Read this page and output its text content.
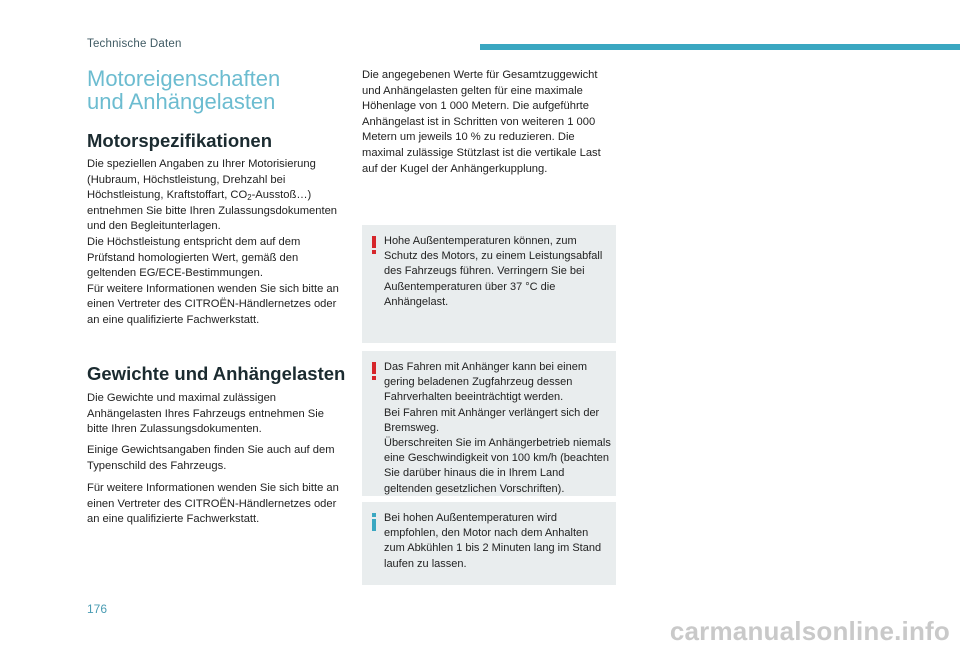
Technische Daten
Motoreigenschaften
und Anhängelasten
Motorspezifikationen

Die speziellen Angaben zu Ihrer Motorisierung (Hubraum, Höchstleistung, Drehzahl bei Höchstleistung, Kraftstoffart, $CO_2-Ausstoß\dots$) entnehmen Sie bitte Ihren Zulassungsdokumenten und den Begleitunterlagen.
Die Höchstleistung entspricht dem auf dem Prüfstand homologierten Wert, gemäß den geltenden EG/ECE-Bestimmungen.
Für weitere Informationen wenden Sie sich bitte an einen Vertreter des CITROËN-Händlernetzes oder an eine qualifizierte Fachwerkstatt.

Gewichte und Anhängelasten

Die Gewichte und maximal zulässigen Anhängelasten Ihres Fahrzeugs entnehmen Sie bitte Ihren Zulassungsdokumenten.

Einige Gewichtsangaben finden Sie auch auf dem Typenschild des Fahrzeugs.

Für weitere Informationen wenden Sie sich bitte an einen Vertreter des CITROËN-Händlernetzes oder an eine qualifizierte Fachwerkstatt.

Die angegebenen Werte für Gesamtzuggewicht und Anhängelasten gelten für eine maximale Höhenlage von 1 000 Metern. Die aufgeführte Anhängelast ist in Schritten von weiteren 1 000 Metern um jeweils 10 % zu reduzieren. Die maximal zulässige Stützlast ist die vertikale Last auf der Kugel der Anhängerkupplung.

Hohe Außentemperaturen können, zum Schutz des Motors, zu einem Leistungsabfall des Fahrzeugs führen. Verringern Sie bei Außentemperaturen über 37 °C die Anhängelast.

Das Fahren mit Anhänger kann bei einem gering beladenen Zugfahrzeug dessen Fahrverhalten beeinträchtigt werden.
Bei Fahren mit Anhänger verlängert sich der Bremsweg.
Überschreiten Sie im Anhängerbetrieb niemals eine Geschwindigkeit von 100 km/h (beachten Sie darüber hinaus die in Ihrem Land geltenden gesetzlichen Vorschriften).

Bei hohen Außentemperaturen wird empfohlen, den Motor nach dem Anhalten zum Abkühlen 1 bis 2 Minuten lang im Stand laufen zu lassen.

176
carmanualsonline.info
